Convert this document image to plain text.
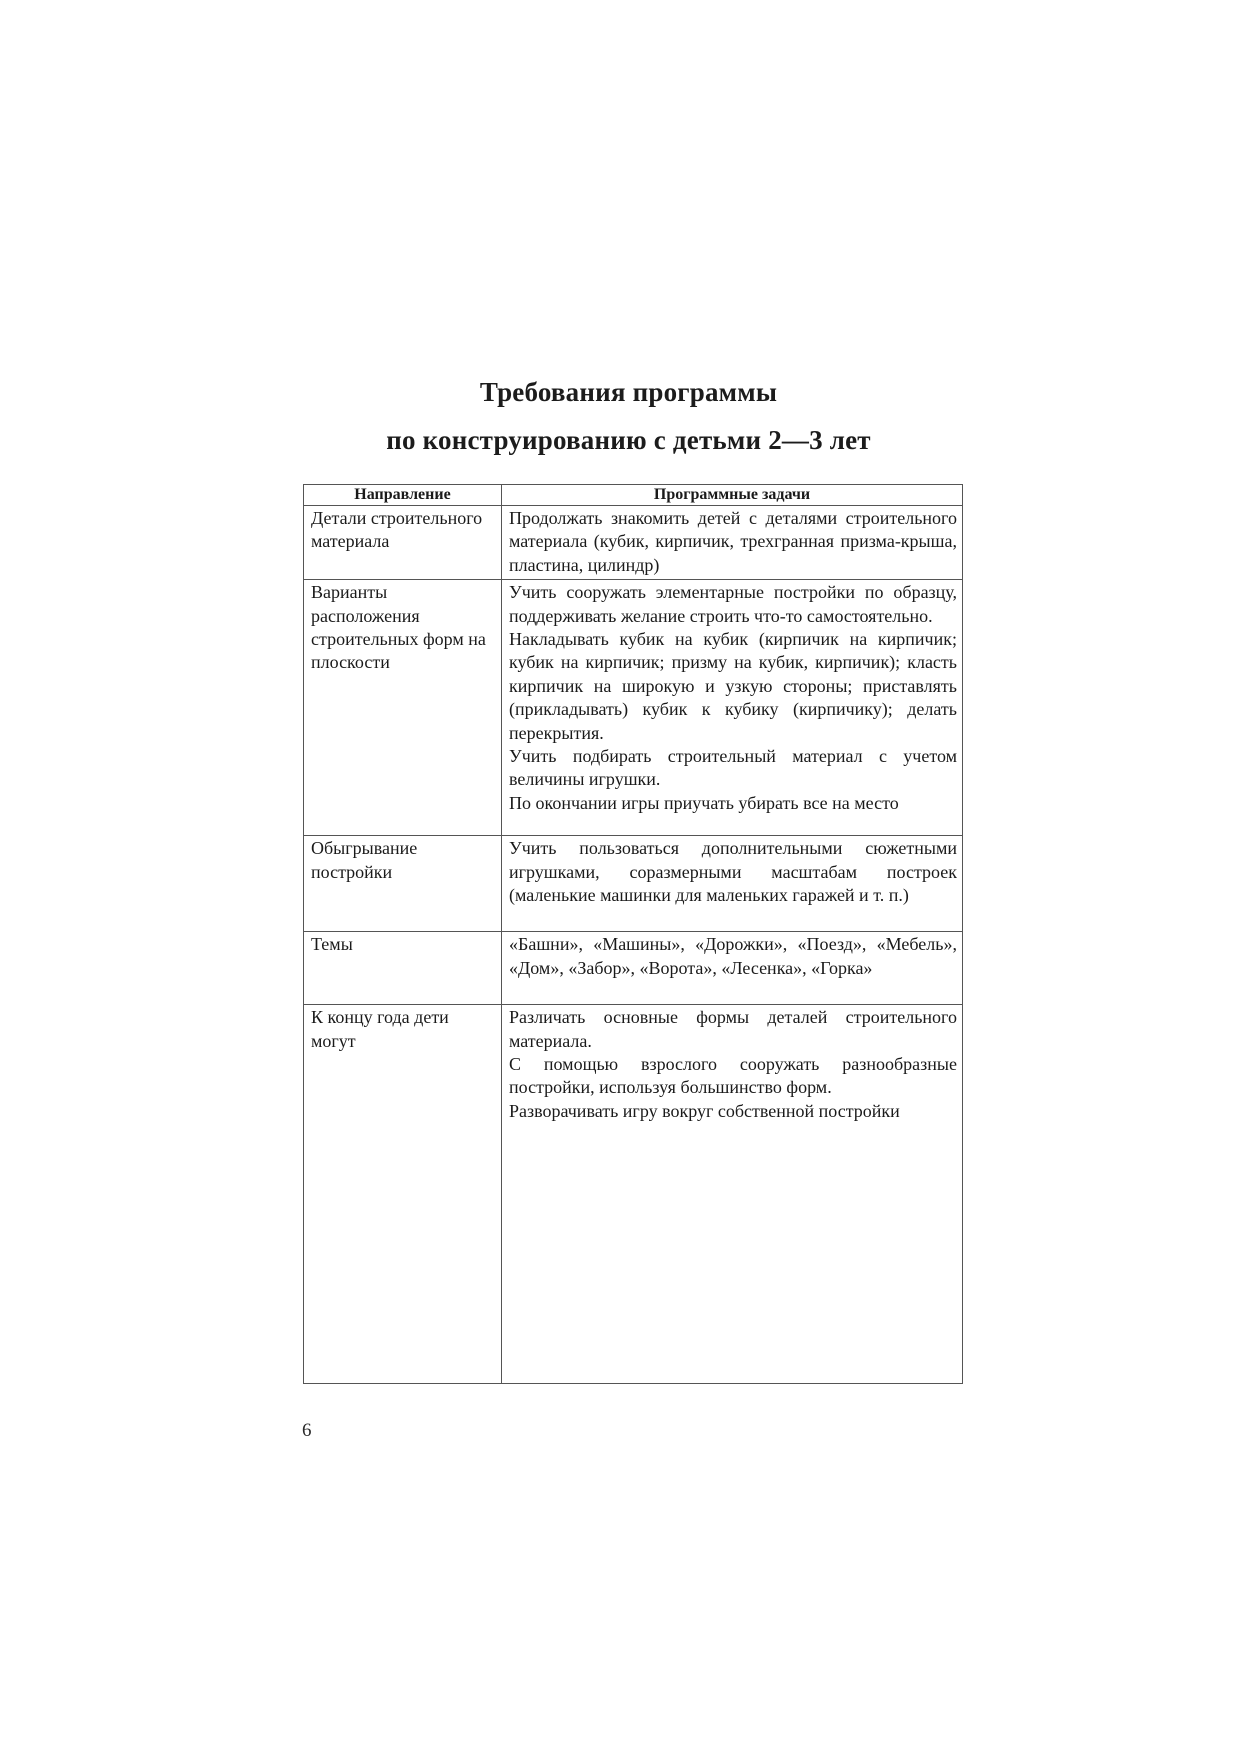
Требования программы
по конструированию с детьми 2—3 лет
Направление	Программные задачи
Детали строительного материала	Продолжать знакомить детей с деталями строительного материала (кубик, кирпичик, трехгранная призма-крыша, пластина, цилиндр)

Варианты расположения строительных форм на плоскости	Учить сооружать элементарные постройки по образцу, поддерживать желание строить что-то самостоятельно.
Накладывать кубик на кубик (кирпичик на кирпичик; кубик на кирпичик; призму на кубик, кирпичик); класть кирпичик на широкую и узкую стороны; приставлять (прикладывать) кубик к кубику (кирпичику); делать перекрытия.
Учить подбирать строительный материал с учетом величины игрушки.
По окончании игры приучать убирать все на место

Обыгрывание постройки	Учить пользоваться дополнительными сюжетными игрушками, соразмерными масштабам построек (маленькие машинки для маленьких гаражей и т. п.)

Темы	«Башни», «Машины», «Дорожки», «Поезд», «Мебель», «Дом», «Забор», «Ворота», «Лесенка», «Горка»

К концу года дети могут	Различать основные формы деталей строительного материала.
С помощью взрослого сооружать разнообразные постройки, используя большинство форм.
Разворачивать игру вокруг собственной постройки
6
